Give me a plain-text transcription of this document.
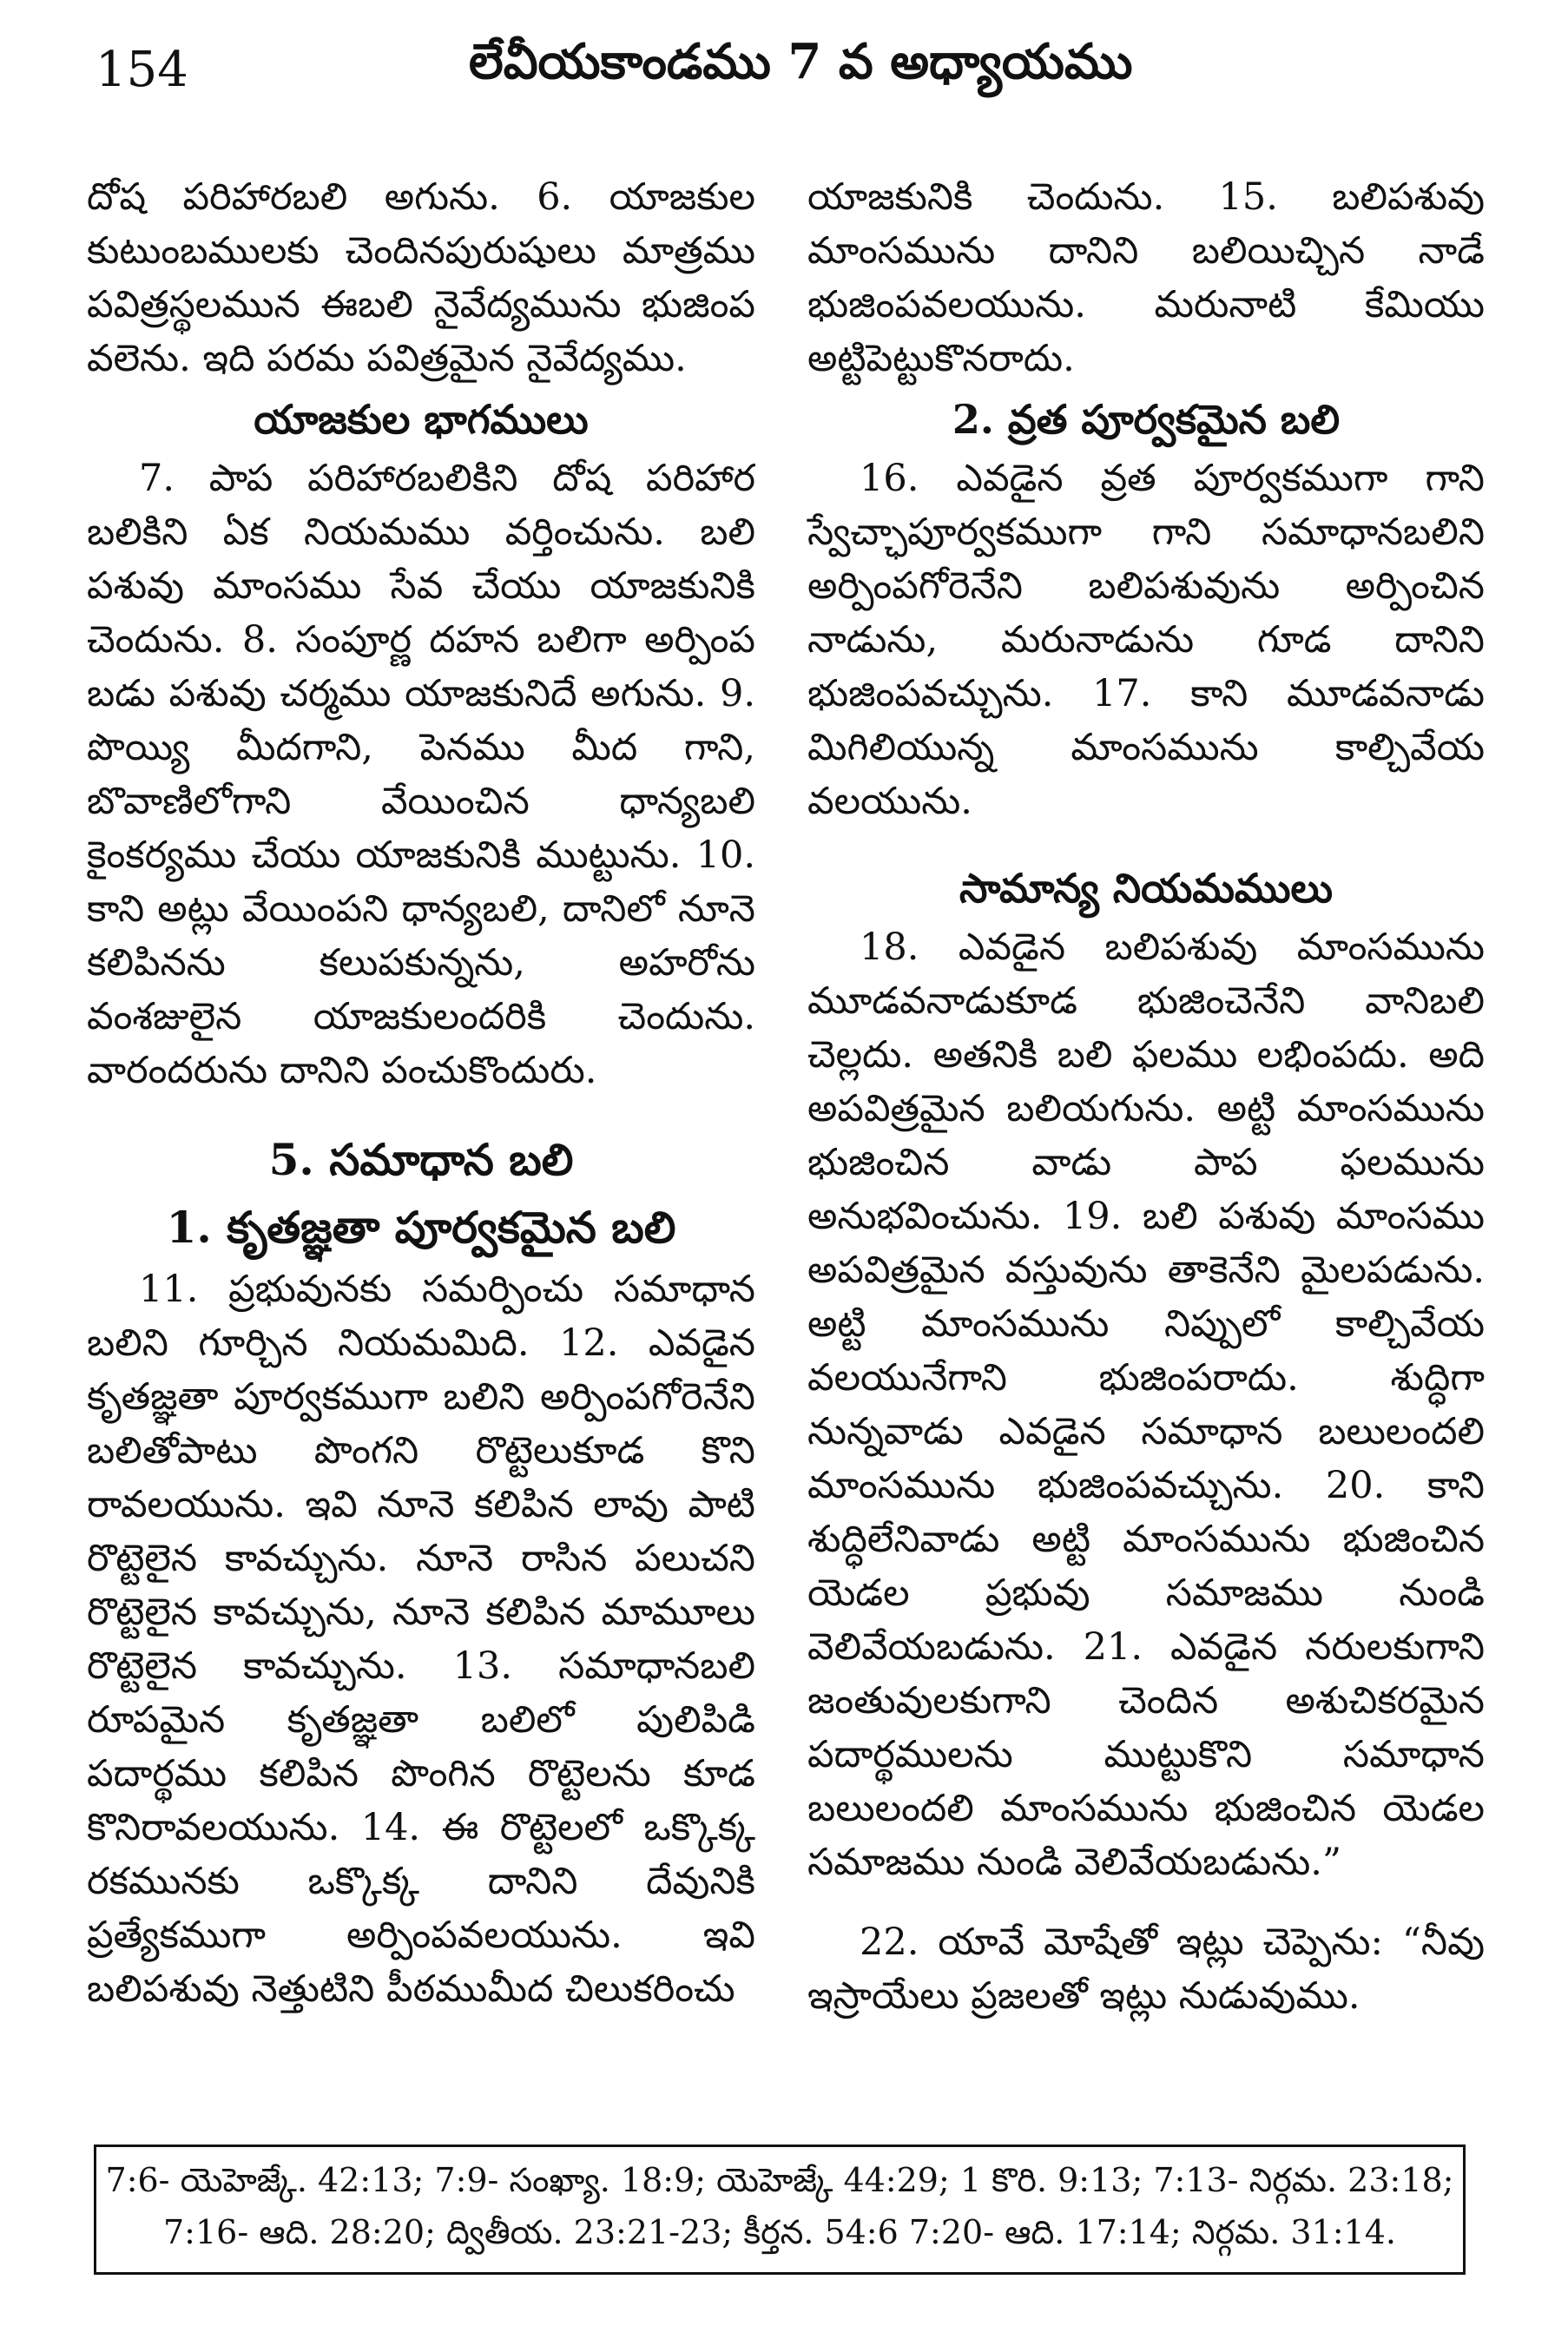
154	లేవీయకాండము 7 వ అధ్యాయము

దోష పరిహారబలి అగును. 6. యాజకుల కుటుంబములకు చెందినపురుషులు మాత్రము పవిత్రస్థలమున ఈబలి నైవేద్యమును భుజింప వలెను. ఇది పరమ పవిత్రమైన నైవేద్యము.

యాజకుల భాగములు

7. పాప పరిహారబలికిని దోష పరిహార బలికిని ఏక నియమము వర్తించును. బలి పశువు మాంసము సేవ చేయు యాజకునికి చెందును. 8. సంపూర్ణ దహన బలిగా అర్పింప బడు పశువు చర్మము యాజకునిదే అగును. 9. పొయ్యి మీదగాని, పెనము మీద గాని, బొవాణిలోగాని వేయించిన ధాన్యబలి కైంకర్యము చేయు యాజకునికి ముట్టును. 10. కాని అట్లు వేయింపని ధాన్యబలి, దానిలో నూనె కలిపినను కలుపకున్నను, అహరోను వంశజులైన యాజకులందరికి చెందును. వారందరును దానిని పంచుకొందురు.

5. సమాధాన బలి
1. కృతజ్ఞతా పూర్వకమైన బలి

11. ప్రభువునకు సమర్పించు సమాధాన బలిని గూర్చిన నియమమిది. 12. ఎవడైన కృతజ్ఞతా పూర్వకముగా బలిని అర్పింపగోరెనేని బలితోపాటు పొంగని రొట్టెలుకూడ కొని రావలయును. ఇవి నూనె కలిపిన లావు పాటి రొట్టెలైన కావచ్చును. నూనె రాసిన పలుచని రొట్టెలైన కావచ్చును, నూనె కలిపిన మామూలు రొట్టెలైన కావచ్చును. 13. సమాధానబలి రూపమైన కృతజ్ఞతా బలిలో పులిపిడి పదార్థము కలిపిన పొంగిన రొట్టెలను కూడ కొనిరావలయును. 14. ఈ రొట్టెలలో ఒక్కొక్క రకమునకు ఒక్కొక్క దానిని దేవునికి ప్రత్యేకముగా అర్పింపవలయును. ఇవి బలిపశువు నెత్తుటిని పీఠముమీద చిలుకరించు

యాజకునికి చెందును. 15. బలిపశువు మాంసమును దానిని బలియిచ్చిన నాడే భుజింపవలయును. మరునాటి కేమియు అట్టిపెట్టుకొనరాదు.

2. వ్రత పూర్వకమైన బలి

16. ఎవడైన వ్రత పూర్వకముగా గాని స్వేచ్ఛాపూర్వకముగా గాని సమాధానబలిని అర్పింపగోరెనేని బలిపశువును అర్పించిన నాడును, మరునాడును గూడ దానిని భుజింపవచ్చును. 17. కాని మూడవనాడు మిగిలియున్న మాంసమును కాల్చివేయ వలయును.

సామాన్య నియమములు

18. ఎవడైన బలిపశువు మాంసమును మూడవనాడుకూడ భుజించెనేని వానిబలి చెల్లదు. అతనికి బలి ఫలము లభింపదు. అది అపవిత్రమైన బలియగును. అట్టి మాంసమును భుజించిన వాడు పాప ఫలమును అనుభవించును. 19. బలి పశువు మాంసము అపవిత్రమైన వస్తువును తాకెనేని మైలపడును. అట్టి మాంసమును నిప్పులో కాల్చివేయ వలయునేగాని భుజింపరాదు. శుద్ధిగా నున్నవాడు ఎవడైన సమాధాన బలులందలి మాంసమును భుజింపవచ్చును. 20. కాని శుద్ధిలేనివాడు అట్టి మాంసమును భుజించిన యెడల ప్రభువు సమాజము నుండి వెలివేయబడును. 21. ఎవడైన నరులకుగాని జంతువులకుగాని చెందిన అశుచికరమైన పదార్థములను ముట్టుకొని సమాధాన బలులందలి మాంసమును భుజించిన యెడల సమాజము నుండి వెలివేయబడును.”

22. యావే మోషేతో ఇట్లు చెప్పెను: “నీవు ఇస్రాయేలు ప్రజలతో ఇట్లు నుడువుము.

7:6- యెహెజ్కే. 42:13; 7:9- సంఖ్యా. 18:9; యెహెజ్కే 44:29; 1 కొరి. 9:13; 7:13- నిర్గమ. 23:18;

7:16- ఆది. 28:20; ద్వితీయ. 23:21-23; కీర్తన. 54:6 7:20- ఆది. 17:14; నిర్గమ. 31:14.
